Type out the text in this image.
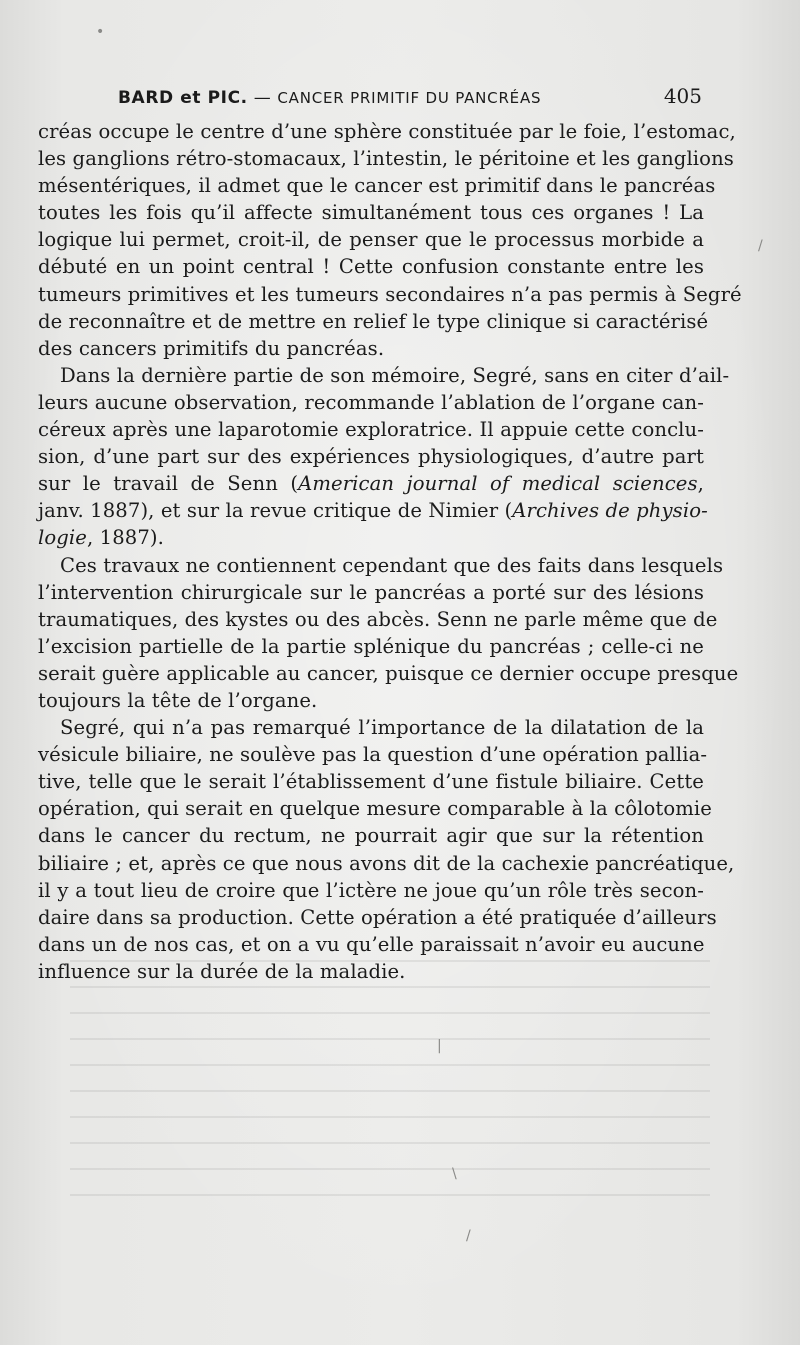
BARD et PIC. — CANCER PRIMITIF DU PANCRÉAS	405
créas occupe le centre d’une sphère constituée par le foie, l’estomac,
les ganglions rétro-stomacaux, l’intestin, le péritoine et les ganglions
mésentériques, il admet que le cancer est primitif dans le pancréas
toutes les fois qu’il affecte simultanément tous ces organes ! La
logique lui permet, croit-il, de penser que le processus morbide a
débuté en un point central ! Cette confusion constante entre les
tumeurs primitives et les tumeurs secondaires n’a pas permis à Segré
de reconnaître et de mettre en relief le type clinique si caractérisé
des cancers primitifs du pancréas.
Dans la dernière partie de son mémoire, Segré, sans en citer d’ail-
leurs aucune observation, recommande l’ablation de l’organe can-
céreux après une laparotomie exploratrice. Il appuie cette conclu-
sion, d’une part sur des expériences physiologiques, d’autre part
sur le travail de Senn (American journal of medical sciences,
janv. 1887), et sur la revue critique de Nimier (Archives de physio-
logie, 1887).
Ces travaux ne contiennent cependant que des faits dans lesquels
l’intervention chirurgicale sur le pancréas a porté sur des lésions
traumatiques, des kystes ou des abcès. Senn ne parle même que de
l’excision partielle de la partie splénique du pancréas ; celle-ci ne
serait guère applicable au cancer, puisque ce dernier occupe presque
toujours la tête de l’organe.
Segré, qui n’a pas remarqué l’importance de la dilatation de la
vésicule biliaire, ne soulève pas la question d’une opération pallia-
tive, telle que le serait l’établissement d’une fistule biliaire. Cette
opération, qui serait en quelque mesure comparable à la côlotomie
dans le cancer du rectum, ne pourrait agir que sur la rétention
biliaire ; et, après ce que nous avons dit de la cachexie pancréatique,
il y a tout lieu de croire que l’ictère ne joue qu’un rôle très secon-
daire dans sa production. Cette opération a été pratiquée d’ailleurs
dans un de nos cas, et on a vu qu’elle paraissait n’avoir eu aucune
influence sur la durée de la maladie.
•
/
|
\
/
